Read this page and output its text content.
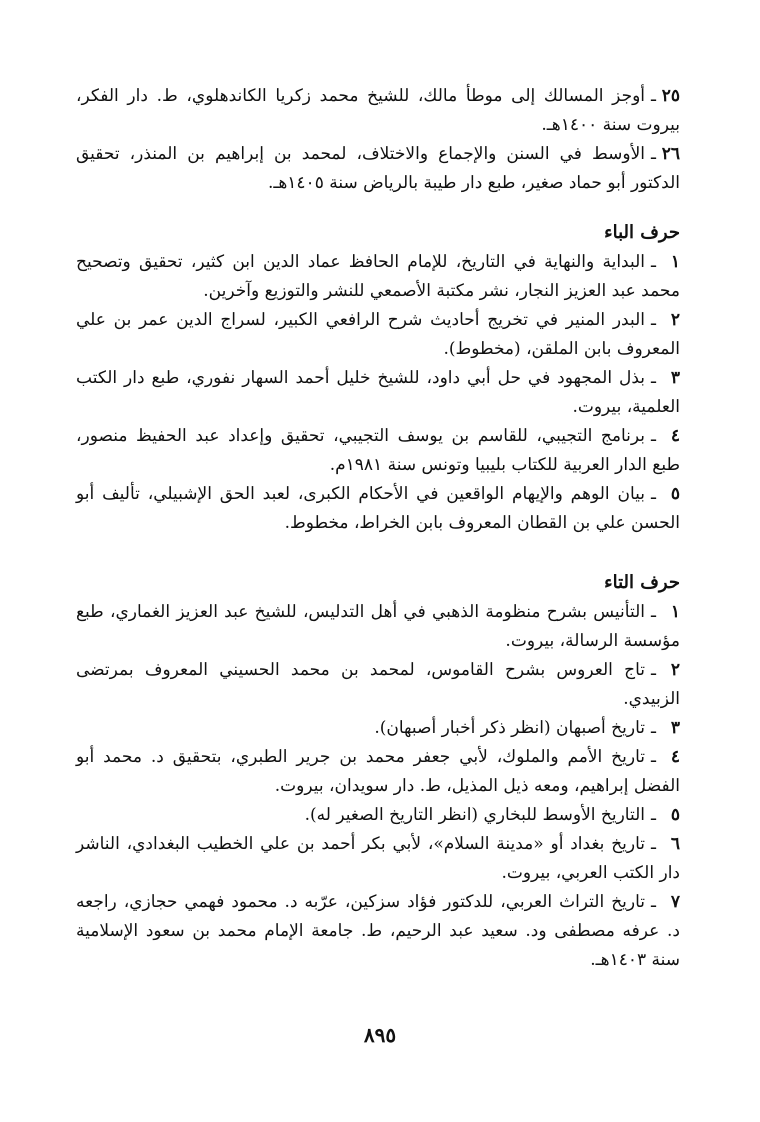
٢٥ـأوجز المسالك إلى موطأ مالك، للشيخ محمد زكريا الكاندهلوي، ط. دار الفكر، بيروت سنة ١٤٠٠هـ.

٢٦ـالأوسط في السنن والإجماع والاختلاف، لمحمد بن إبراهيم بن المنذر، تحقيق الدكتور أبو حماد صغير، طبع دار طيبة بالرياض سنة ١٤٠٥هـ.

حرف الباء

١ـالبداية والنهاية في التاريخ، للإمام الحافظ عماد الدين ابن كثير، تحقيق وتصحيح محمد عبد العزيز النجار، نشر مكتبة الأصمعي للنشر والتوزيع وآخرين.

٢ـالبدر المنير في تخريج أحاديث شرح الرافعي الكبير، لسراج الدين عمر بن علي المعروف بابن الملقن، (مخطوط).

٣ـبذل المجهود في حل أبي داود، للشيخ خليل أحمد السهار نفوري، طبع دار الكتب العلمية، بيروت.

٤ـبرنامج التجيبي، للقاسم بن يوسف التجيبي، تحقيق وإعداد عبد الحفيظ منصور، طبع الدار العربية للكتاب بليبيا وتونس سنة ١٩٨١م.

٥ـبيان الوهم والإيهام الواقعين في الأحكام الكبرى، لعبد الحق الإشبيلي، تأليف أبو الحسن علي بن القطان المعروف بابن الخراط، مخطوط.

حرف التاء

١ـالتأنيس بشرح منظومة الذهبي في أهل التدليس، للشيخ عبد العزيز الغماري، طبع مؤسسة الرسالة، بيروت.

٢ـتاج العروس بشرح القاموس، لمحمد بن محمد الحسيني المعروف بمرتضى الزبيدي.

٣ـتاريخ أصبهان (انظر ذكر أخبار أصبهان).

٤ـتاريخ الأمم والملوك، لأبي جعفر محمد بن جرير الطبري، بتحقيق د. محمد أبو الفضل إبراهيم، ومعه ذيل المذيل، ط. دار سويدان، بيروت.

٥ـالتاريخ الأوسط للبخاري (انظر التاريخ الصغير له).

٦ـتاريخ بغداد أو «مدينة السلام»، لأبي بكر أحمد بن علي الخطيب البغدادي، الناشر دار الكتب العربي، بيروت.

٧ـتاريخ التراث العربي، للدكتور فؤاد سزكين، عرّبه د. محمود فهمي حجازي، راجعه د. عرفه مصطفى ود. سعيد عبد الرحيم، ط. جامعة الإمام محمد بن سعود الإسلامية سنة ١٤٠٣هـ.

٨٩٥
